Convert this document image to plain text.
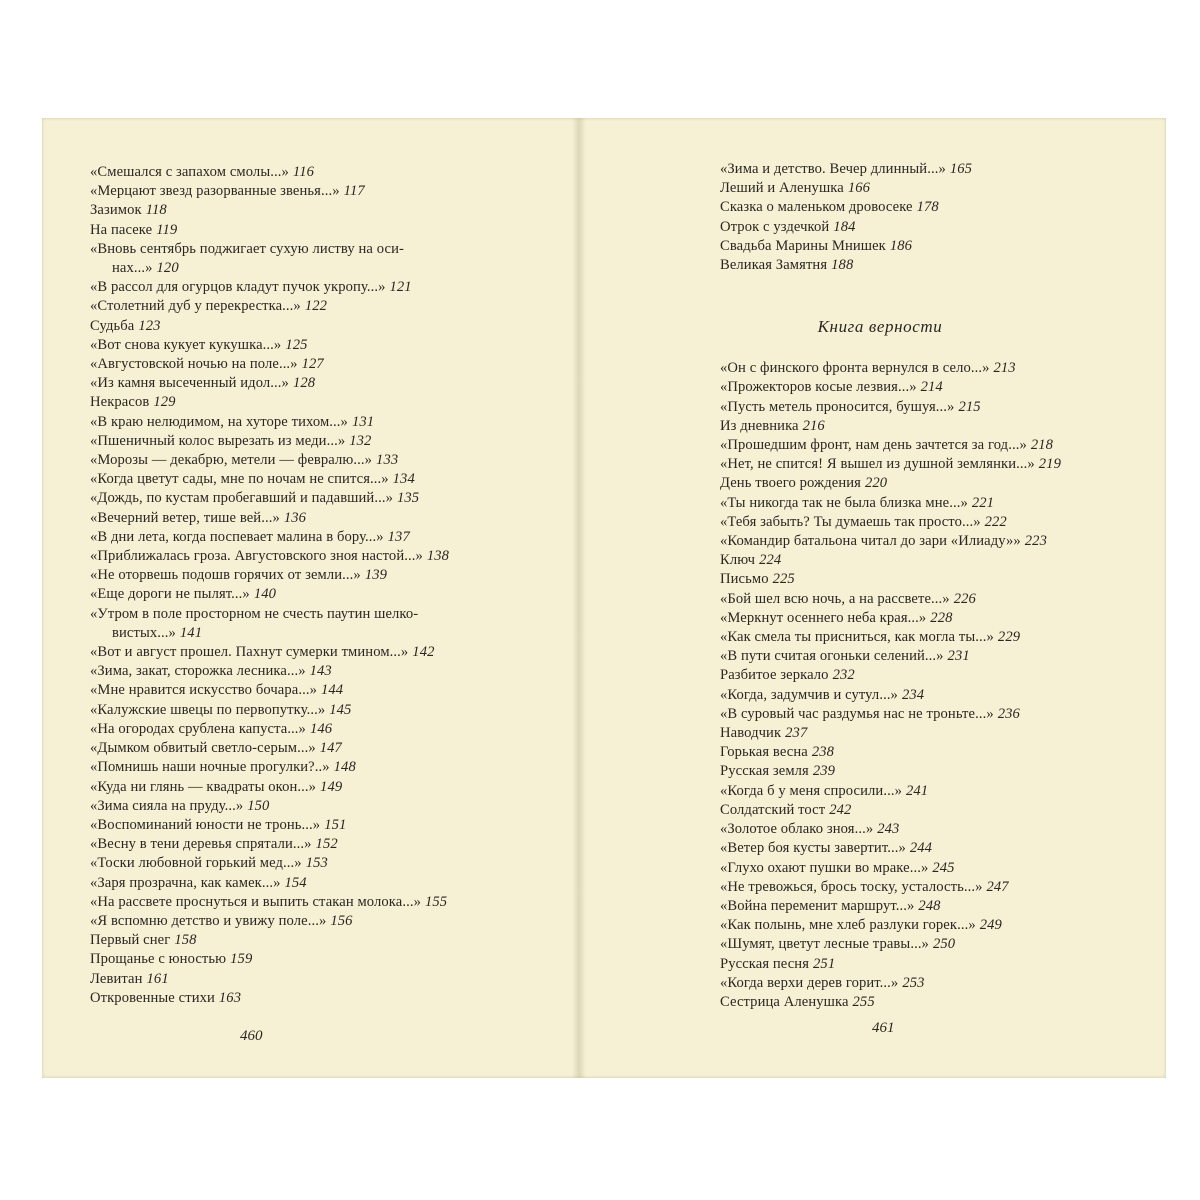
«Смешался с запахом смолы...» 116
«Мерцают звезд разорванные звенья...» 117
Зазимок 118
На пасеке 119
«Вновь сентябрь поджигает сухую листву на оси-
нах...» 120
«В рассол для огурцов кладут пучок укропу...» 121
«Столетний дуб у перекрестка...» 122
Судьба 123
«Вот снова кукует кукушка...» 125
«Августовской ночью на поле...» 127
«Из камня высеченный идол...» 128
Некрасов 129
«В краю нелюдимом, на хуторе тихом...» 131
«Пшеничный колос вырезать из меди...» 132
«Морозы — декабрю, метели — февралю...» 133
«Когда цветут сады, мне по ночам не спится...» 134
«Дождь, по кустам пробегавший и падавший...» 135
«Вечерний ветер, тише вей...» 136
«В дни лета, когда поспевает малина в бору...» 137
«Приближалась гроза. Августовского зноя настой...» 138
«Не оторвешь подошв горячих от земли...» 139
«Еще дороги не пылят...» 140
«Утром в поле просторном не счесть паутин шелко-
вистых...» 141
«Вот и август прошел. Пахнут сумерки тмином...» 142
«Зима, закат, сторожка лесника...» 143
«Мне нравится искусство бочара...» 144
«Калужские швецы по первопутку...» 145
«На огородах срублена капуста...» 146
«Дымком обвитый светло-серым...» 147
«Помнишь наши ночные прогулки?..» 148
«Куда ни глянь — квадраты окон...» 149
«Зима сияла на пруду...» 150
«Воспоминаний юности не тронь...» 151
«Весну в тени деревья спрятали...» 152
«Тоски любовной горький мед...» 153
«Заря прозрачна, как камек...» 154
«На рассвете проснуться и выпить стакан молока...» 155
«Я вспомню детство и увижу поле...» 156
Первый снег 158
Прощанье с юностью 159
Левитан 161
Откровенные стихи 163
«Зима и детство. Вечер длинный...» 165
Леший и Аленушка 166
Сказка о маленьком дровосеке 178
Отрок с уздечкой 184
Свадьба Марины Мнишек 186
Великая Замятня 188
Книга верности
«Он с финского фронта вернулся в село...» 213
«Прожекторов косые лезвия...» 214
«Пусть метель проносится, бушуя...» 215
Из дневника 216
«Прошедшим фронт, нам день зачтется за год...» 218
«Нет, не спится! Я вышел из душной землянки...» 219
День твоего рождения 220
«Ты никогда так не была близка мне...» 221
«Тебя забыть? Ты думаешь так просто...» 222
«Командир батальона читал до зари «Илиаду»» 223
Ключ 224
Письмо 225
«Бой шел всю ночь, а на рассвете...» 226
«Меркнут осеннего неба края...» 228
«Как смела ты присниться, как могла ты...» 229
«В пути считая огоньки селений...» 231
Разбитое зеркало 232
«Когда, задумчив и сутул...» 234
«В суровый час раздумья нас не троньте...» 236
Наводчик 237
Горькая весна 238
Русская земля 239
«Когда б у меня спросили...» 241
Солдатский тост 242
«Золотое облако зноя...» 243
«Ветер боя кусты завертит...» 244
«Глухо охают пушки во мраке...» 245
«Не тревожься, брось тоску, усталость...» 247
«Война переменит маршрут...» 248
«Как полынь, мне хлеб разлуки горек...» 249
«Шумят, цветут лесные травы...» 250
Русская песня 251
«Когда верхи дерев горит...» 253
Сестрица Аленушка 255
460	461
